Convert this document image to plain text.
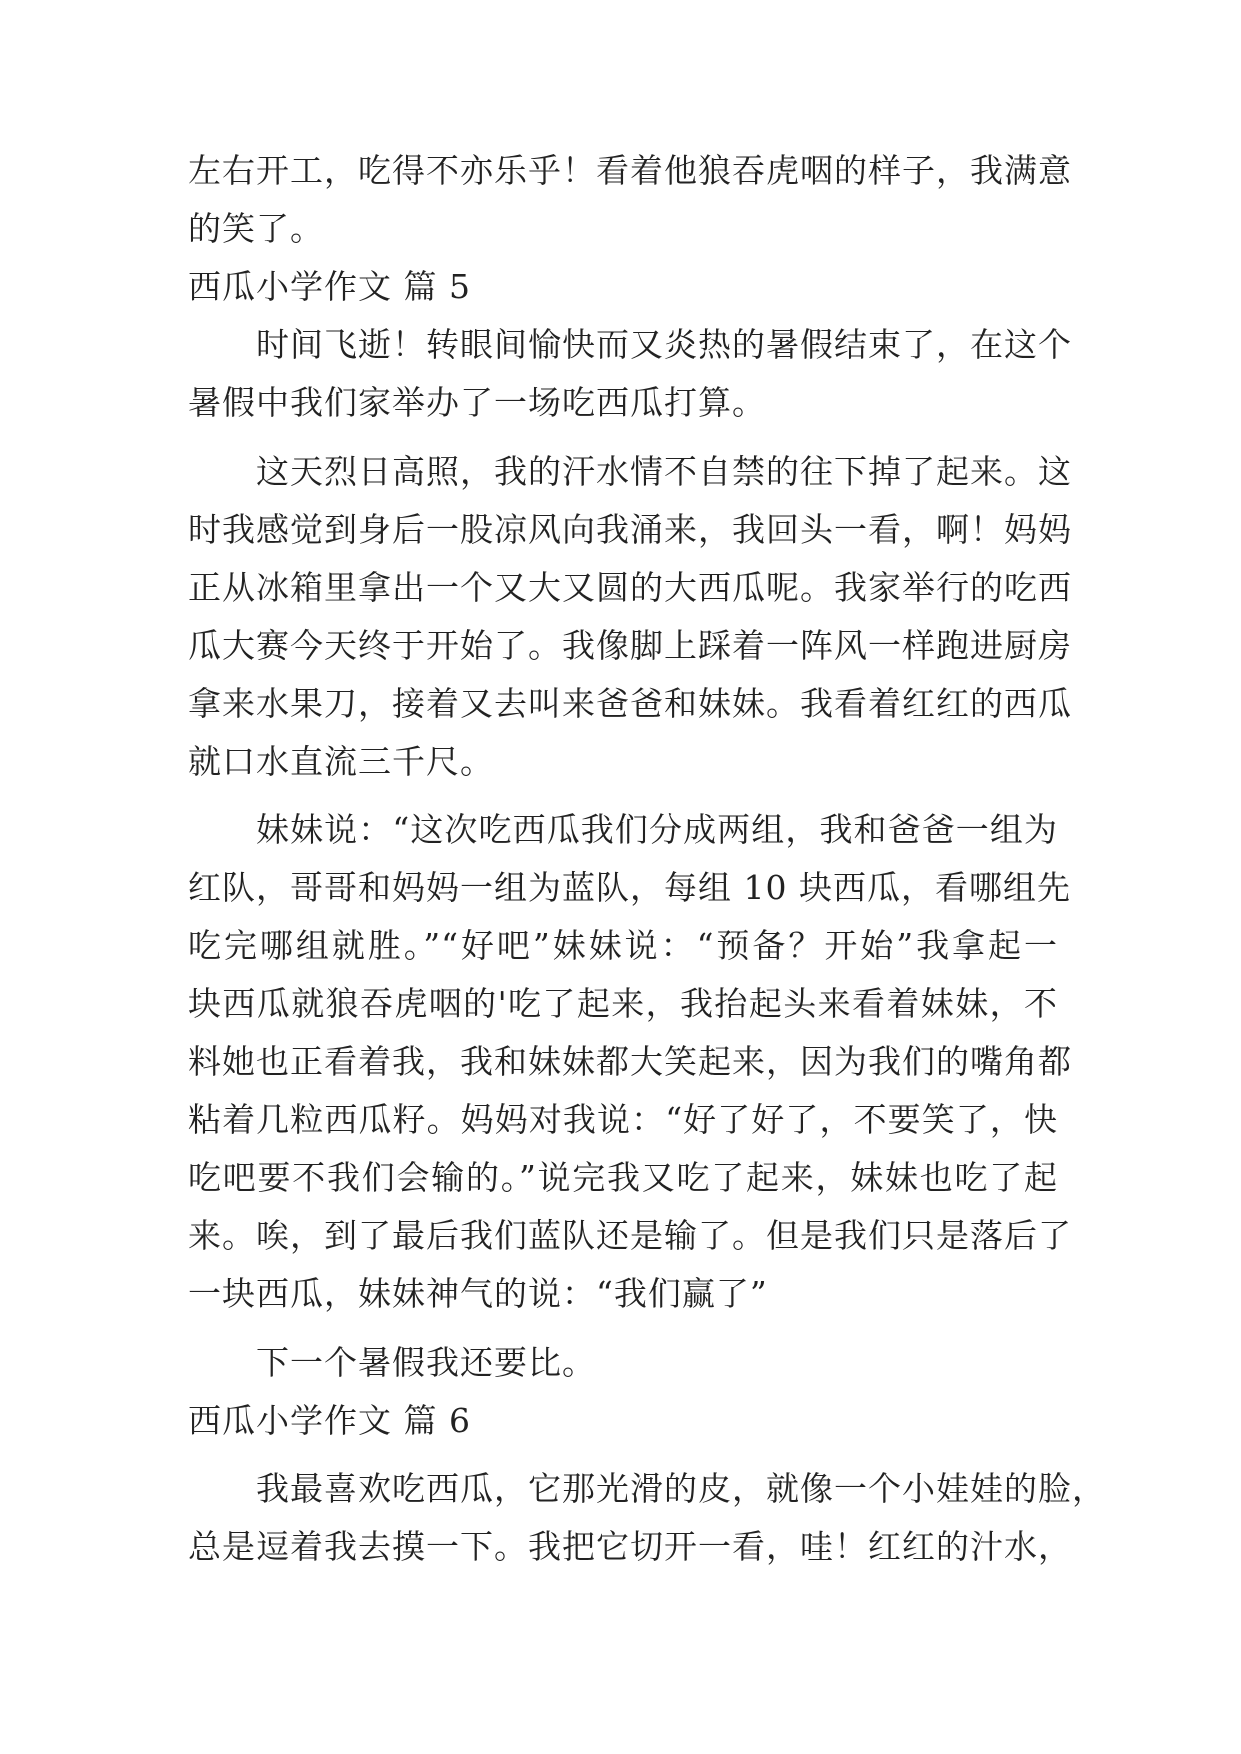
左右开工，吃得不亦乐乎！看着他狼吞虎咽的样子，我满意
的笑了。
西瓜小学作文 篇 5
时间飞逝！转眼间愉快而又炎热的暑假结束了，在这个
暑假中我们家举办了一场吃西瓜打算。
这天烈日高照，我的汗水情不自禁的往下掉了起来。这
时我感觉到身后一股凉风向我涌来，我回头一看，啊！妈妈
正从冰箱里拿出一个又大又圆的大西瓜呢。我家举行的吃西
瓜大赛今天终于开始了。我像脚上踩着一阵风一样跑进厨房
拿来水果刀，接着又去叫来爸爸和妹妹。我看着红红的西瓜
就口水直流三千尺。
妹妹说：“这次吃西瓜我们分成两组，我和爸爸一组为
红队，哥哥和妈妈一组为蓝队，每组 10 块西瓜，看哪组先
吃完哪组就胜。”“好吧”妹妹说：“预备？开始”我拿起一
块西瓜就狼吞虎咽的'吃了起来，我抬起头来看着妹妹，不
料她也正看着我，我和妹妹都大笑起来，因为我们的嘴角都
粘着几粒西瓜籽。妈妈对我说：“好了好了，不要笑了，快
吃吧要不我们会输的。”说完我又吃了起来，妹妹也吃了起
来。唉，到了最后我们蓝队还是输了。但是我们只是落后了
一块西瓜，妹妹神气的说：“我们赢了”
下一个暑假我还要比。
西瓜小学作文 篇 6
我最喜欢吃西瓜，它那光滑的皮，就像一个小娃娃的脸，
总是逗着我去摸一下。我把它切开一看，哇！红红的汁水，
